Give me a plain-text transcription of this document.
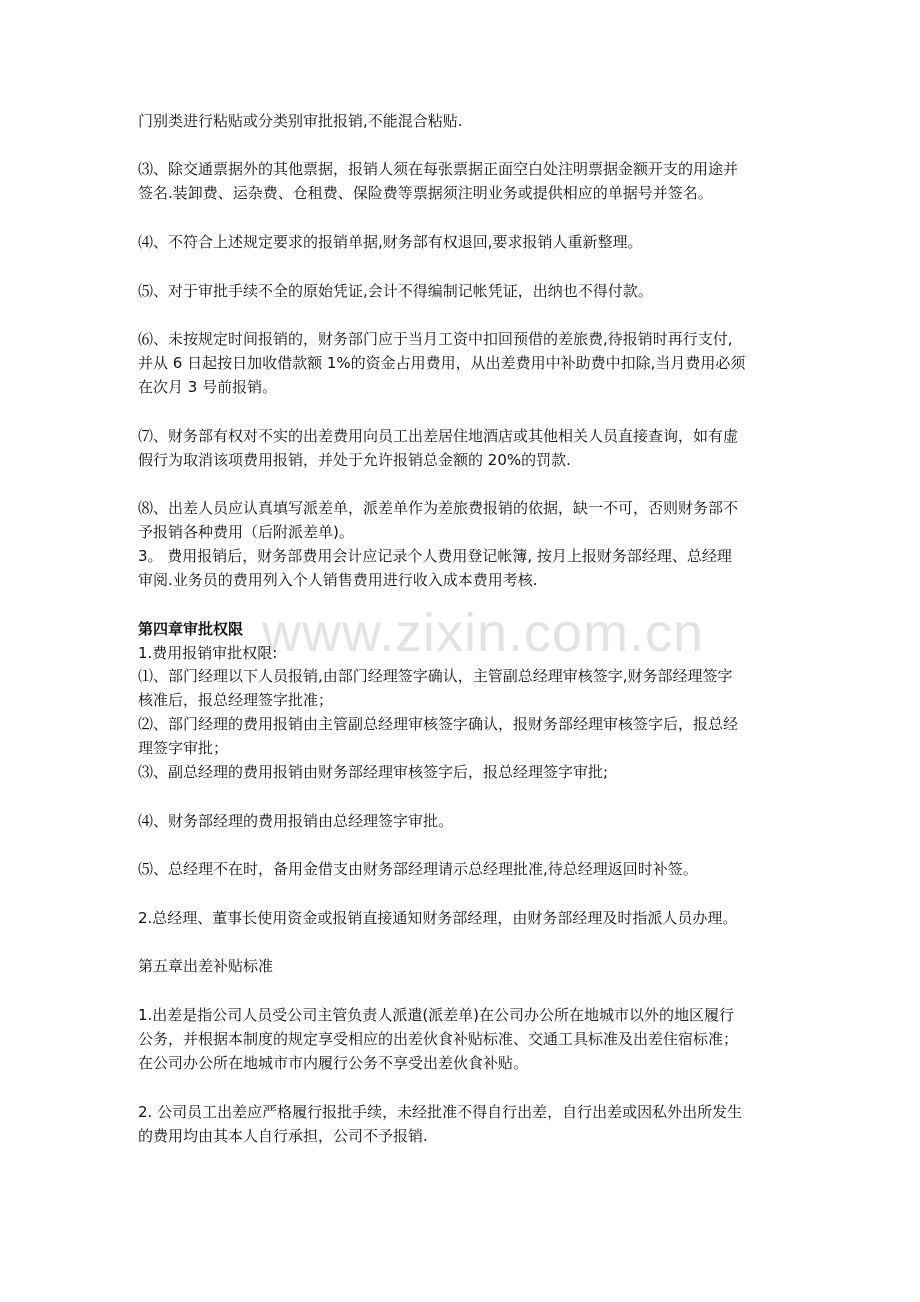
www.zixin.com.cn
门别类进行粘贴或分类别审批报销,不能混合粘贴.
⑶、除交通票据外的其他票据，报销人须在每张票据正面空白处注明票据金额开支的用途并
签名.装卸费、运杂费、仓租费、保险费等票据须注明业务或提供相应的单据号并签名。
⑷、不符合上述规定要求的报销单据,财务部有权退回,要求报销人重新整理。
⑸、对于审批手续不全的原始凭证,会计不得编制记帐凭证，出纳也不得付款。
⑹、未按规定时间报销的，财务部门应于当月工资中扣回预借的差旅费,待报销时再行支付,
并从 6 日起按日加收借款额 1%的资金占用费用，从出差费用中补助费中扣除,当月费用必须
在次月 3 号前报销。
⑺、财务部有权对不实的出差费用向员工出差居住地酒店或其他相关人员直接查询，如有虚
假行为取消该项费用报销，并处于允许报销总金额的 20%的罚款.
⑻、出差人员应认真填写派差单，派差单作为差旅费报销的依据，缺一不可，否则财务部不
予报销各种费用（后附派差单)。
3。 费用报销后，财务部费用会计应记录个人费用登记帐簿, 按月上报财务部经理、总经理
审阅.业务员的费用列入个人销售费用进行收入成本费用考核.
第四章审批权限
1.费用报销审批权限:
⑴、部门经理以下人员报销,由部门经理签字确认，主管副总经理审核签字,财务部经理签字
核准后，报总经理签字批准；
⑵、部门经理的费用报销由主管副总经理审核签字确认，报财务部经理审核签字后，报总经
理签字审批；
⑶、副总经理的费用报销由财务部经理审核签字后，报总经理签字审批;
⑷、财务部经理的费用报销由总经理签字审批。
⑸、总经理不在时，备用金借支由财务部经理请示总经理批准,待总经理返回时补签。
2.总经理、董事长使用资金或报销直接通知财务部经理，由财务部经理及时指派人员办理。
第五章出差补贴标准
1.出差是指公司人员受公司主管负责人派遣(派差单)在公司办公所在地城市以外的地区履行
公务，并根据本制度的规定享受相应的出差伙食补贴标准、交通工具标准及出差住宿标准；
在公司办公所在地城市市内履行公务不享受出差伙食补贴。
2. 公司员工出差应严格履行报批手续，未经批准不得自行出差，自行出差或因私外出所发生
的费用均由其本人自行承担，公司不予报销.
